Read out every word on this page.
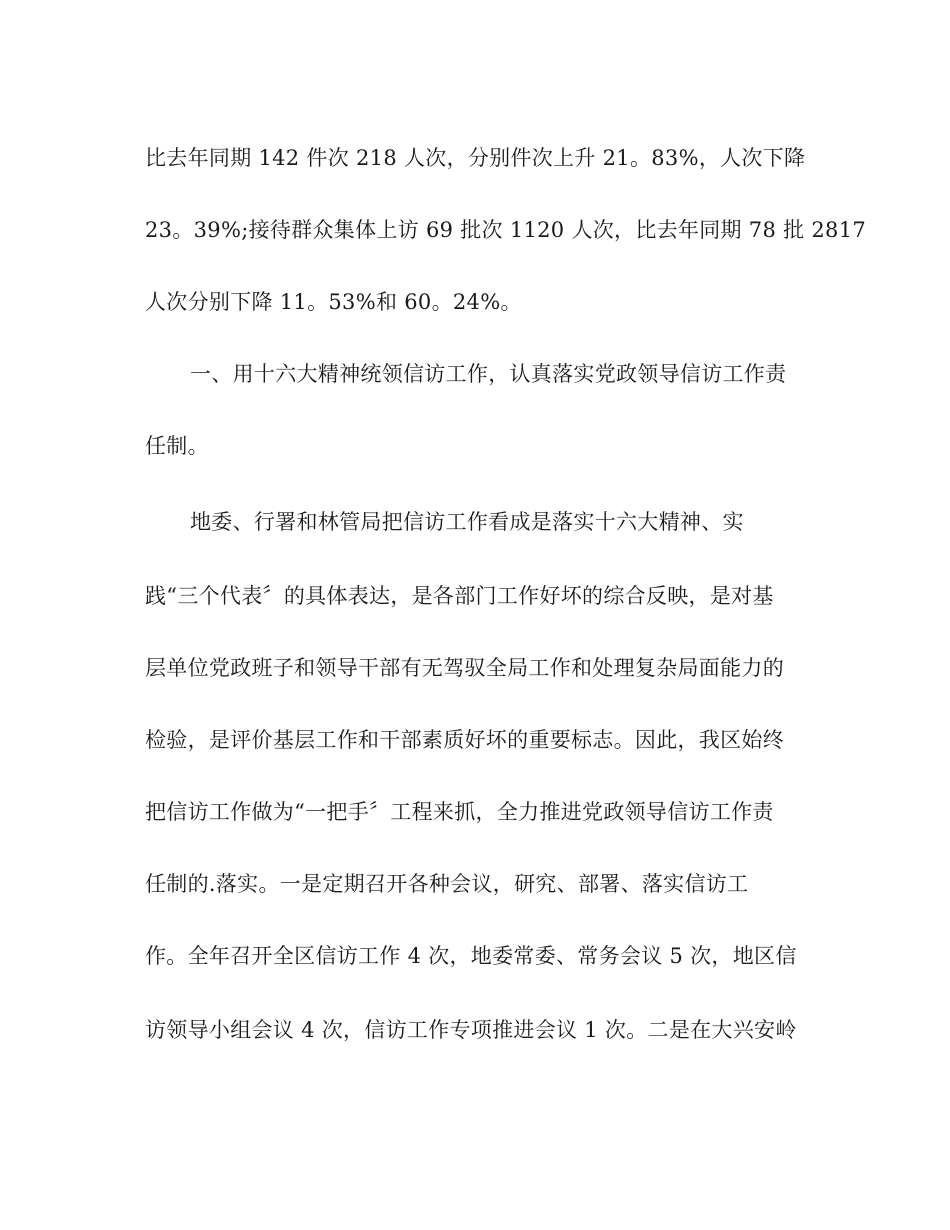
比去年同期 142 件次 218 人次，分别件次上升 21。83%，人次下降
23。39%;接待群众集体上访 69 批次 1120 人次，比去年同期 78 批 2817
人次分别下降 11。53%和 60。24%。
一、用十六大精神统领信访工作，认真落实党政领导信访工作责
任制。
地委、行署和林管局把信访工作看成是落实十六大精神、实
践“三个代表〞的具体表达，是各部门工作好坏的综合反映，是对基
层单位党政班子和领导干部有无驾驭全局工作和处理复杂局面能力的
检验，是评价基层工作和干部素质好坏的重要标志。因此，我区始终
把信访工作做为“一把手〞工程来抓，全力推进党政领导信访工作责
任制的.落实。一是定期召开各种会议，研究、部署、落实信访工
作。全年召开全区信访工作 4 次，地委常委、常务会议 5 次，地区信
访领导小组会议 4 次，信访工作专项推进会议 1 次。二是在大兴安岭
